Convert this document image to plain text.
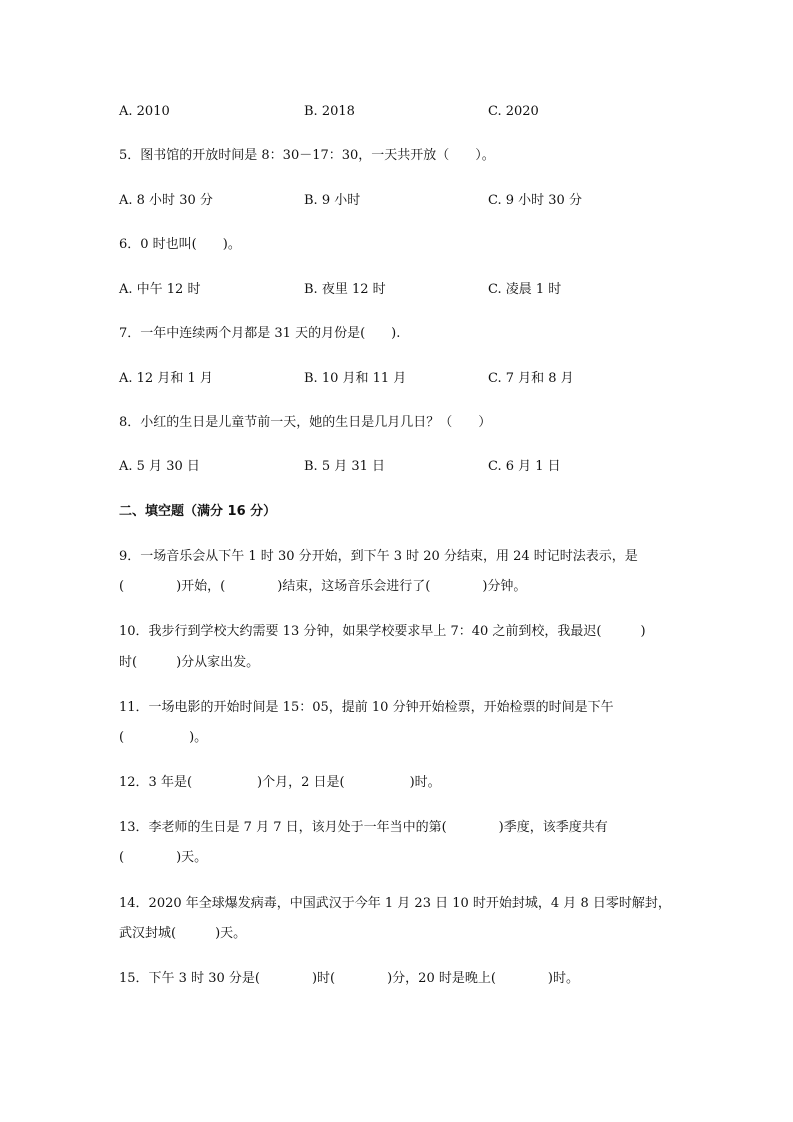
A. 2010	B. 2018	C. 2020
5．图书馆的开放时间是 8：30－17：30，一天共开放（　　）。
A. 8 小时 30 分	B. 9 小时	C. 9 小时 30 分
6．0 时也叫(　　)。
A. 中午 12 时	B. 夜里 12 时	C. 凌晨 1 时
7．一年中连续两个月都是 31 天的月份是(　　).
A. 12 月和 1 月	B. 10 月和 11 月	C. 7 月和 8 月
8．小红的生日是儿童节前一天，她的生日是几月几日？（　　）
A. 5 月 30 日	B. 5 月 31 日	C. 6 月 1 日
二、填空题（满分 16 分）
9．一场音乐会从下午 1 时 30 分开始，到下午 3 时 20 分结束，用 24 时记时法表示，是
(　　　　)开始，(　　　　)结束，这场音乐会进行了(　　　　)分钟。
10．我步行到学校大约需要 13 分钟，如果学校要求早上 7：40 之前到校，我最迟(　　　)
时(　　　)分从家出发。
11．一场电影的开始时间是 15：05，提前 10 分钟开始检票，开始检票的时间是下午
(　　　　　)。
12．3 年是(　　　　　)个月，2 日是(　　　　　)时。
13．李老师的生日是 7 月 7 日，该月处于一年当中的第(　　　　)季度，该季度共有
(　　　　)天。
14．2020 年全球爆发病毒，中国武汉于今年 1 月 23 日 10 时开始封城，4 月 8 日零时解封，
武汉封城(　　　)天。
15．下午 3 时 30 分是(　　　　)时(　　　　)分，20 时是晚上(　　　　)时。
